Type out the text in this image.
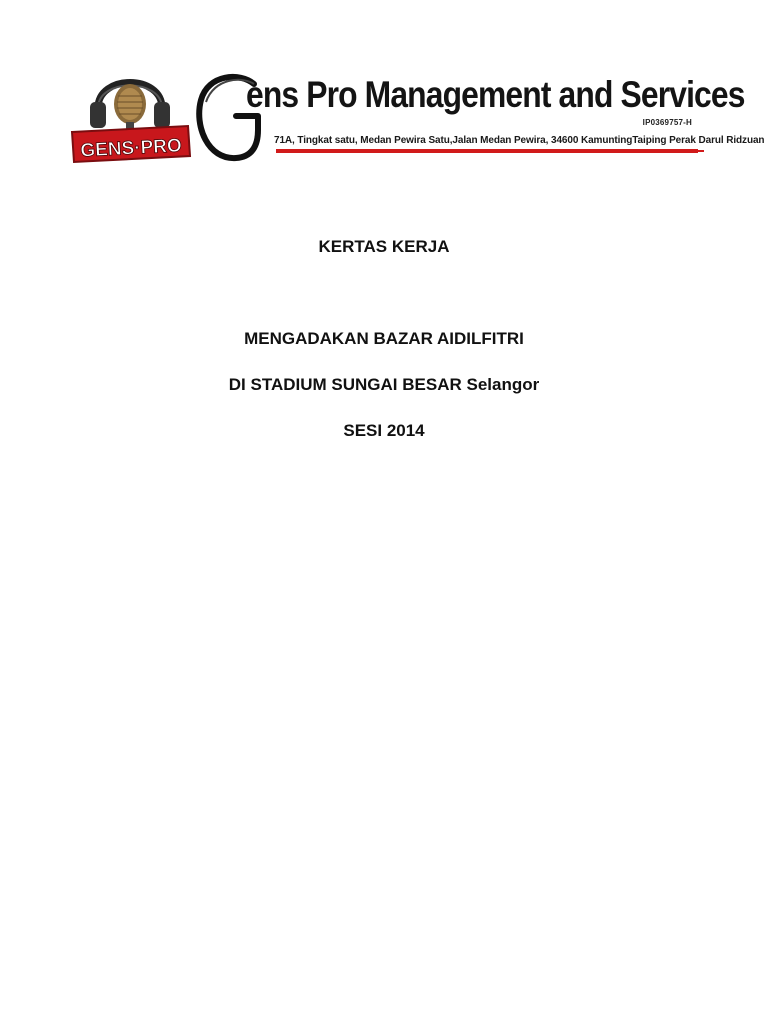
GENS·PRO
ens Pro Management and Services
IP0369757-H
71A, Tingkat satu, Medan Pewira Satu,Jalan Medan Pewira, 34600 KamuntingTaiping Perak Darul Ridzuan
KERTAS KERJA
MENGADAKAN BAZAR AIDILFITRI
DI STADIUM SUNGAI BESAR Selangor
SESI 2014
